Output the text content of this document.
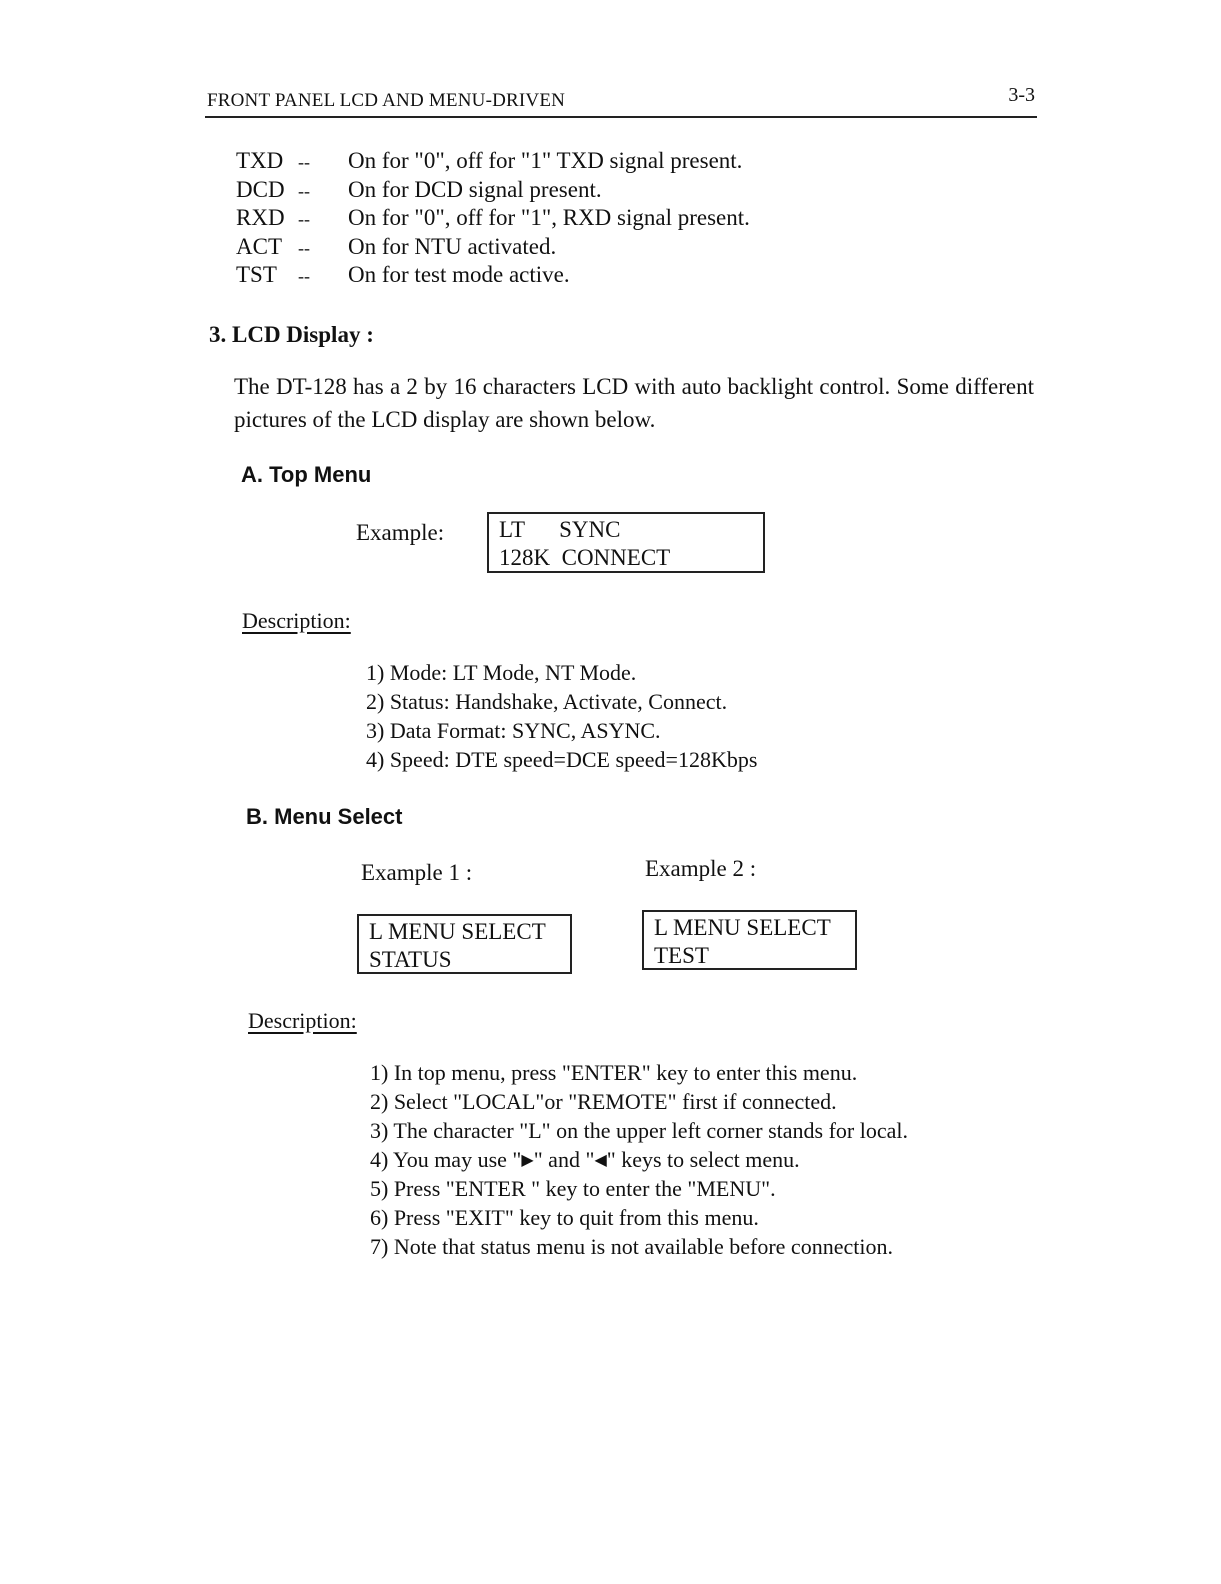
FRONT PANEL LCD AND MENU-DRIVEN	3-3
TXD --	On for "0", off for "1" TXD signal present.
DCD --	On for DCD signal present.
RXD --	On for "0", off for "1", RXD signal present.
ACT --	On for NTU activated.
TST	--	On for test mode active.
3. LCD Display :
The DT-128 has a 2 by 16 characters LCD with auto backlight control. Some different pictures of the LCD display are shown below.
A. Top Menu
Example: LT      SYNC
128K  CONNECT
Description:
1) Mode: LT Mode, NT Mode.
2) Status: Handshake, Activate, Connect.
3) Data Format: SYNC, ASYNC.
4) Speed: DTE speed=DCE speed=128Kbps
B. Menu Select
Example 1 :	Example 2 :
L MENU SELECT
STATUS
L MENU SELECT
TEST
Description:
1) In top menu, press "ENTER" key to enter this menu.
2) Select "LOCAL"or "REMOTE" first if connected.
3) The character "L" on the upper left corner stands for local.
4) You may use "▶" and "◀" keys to select menu.
5) Press "ENTER " key to enter the "MENU".
6) Press "EXIT" key to quit from this menu.
7) Note that status menu is not available before connection.
